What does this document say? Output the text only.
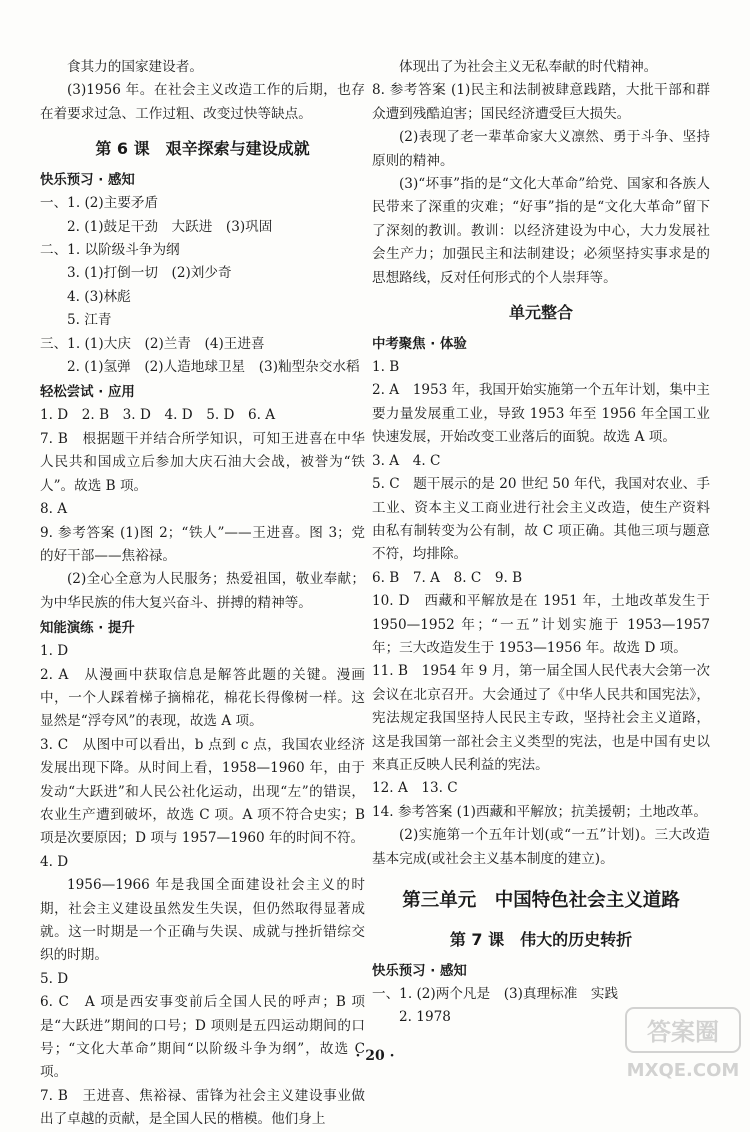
食其力的国家建设者。
(3)1956 年。在社会主义改造工作的后期，也存在着要求过急、工作过粗、改变过快等缺点。
第 6 课　艰辛探索与建设成就
快乐预习 · 感知
一、1. (2)主要矛盾
2. (1)鼓足干劲　大跃进　(3)巩固
二、1. 以阶级斗争为纲
3. (1)打倒一切　(2)刘少奇
4. (3)林彪
5. 江青
三、1. (1)大庆　(2)兰青　(4)王进喜
2. (1)氢弹　(2)人造地球卫星　(3)籼型杂交水稻
轻松尝试 · 应用
1. D　2. B　3. D　4. D　5. D　6. A
7. B　根据题干并结合所学知识，可知王进喜在中华人民共和国成立后参加大庆石油大会战，被誉为“铁人”。故选 B 项。
8. A
9. 参考答案 (1)图 2；“铁人”——王进喜。图 3；党的好干部——焦裕禄。
(2)全心全意为人民服务；热爱祖国，敬业奉献；为中华民族的伟大复兴奋斗、拼搏的精神等。
知能演练 · 提升
1. D
2. A　从漫画中获取信息是解答此题的关键。漫画中，一个人踩着梯子摘棉花，棉花长得像树一样。这显然是“浮夸风”的表现，故选 A 项。
3. C　从图中可以看出，b 点到 c 点，我国农业经济发展出现下降。从时间上看，1958—1960 年，由于发动“大跃进”和人民公社化运动，出现“左”的错误，农业生产遭到破坏，故选 C 项。A 项不符合史实；B 项是次要原因；D 项与 1957—1960 年的时间不符。
4. D
1956—1966 年是我国全面建设社会主义的时期，社会主义建设虽然发生失误，但仍然取得显著成就。这一时期是一个正确与失误、成就与挫折错综交织的时期。
5. D
6. C　A 项是西安事变前后全国人民的呼声；B 项是“大跃进”期间的口号；D 项则是五四运动期间的口号；“文化大革命”期间“以阶级斗争为纲”，故选 C 项。
7. B　王进喜、焦裕禄、雷锋为社会主义建设事业做出了卓越的贡献，是全国人民的楷模。他们身上
体现出了为社会主义无私奉献的时代精神。
8. 参考答案 (1)民主和法制被肆意践踏，大批干部和群众遭到残酷迫害；国民经济遭受巨大损失。
(2)表现了老一辈革命家大义凛然、勇于斗争、坚持原则的精神。
(3)“坏事”指的是“文化大革命”给党、国家和各族人民带来了深重的灾难；“好事”指的是“文化大革命”留下了深刻的教训。教训：以经济建设为中心，大力发展社会生产力；加强民主和法制建设；必须坚持实事求是的思想路线，反对任何形式的个人崇拜等。
单元整合
中考聚焦 · 体验
1. B
2. A　1953 年，我国开始实施第一个五年计划，集中主要力量发展重工业，导致 1953 年至 1956 年全国工业快速发展，开始改变工业落后的面貌。故选 A 项。
3. A　4. C
5. C　题干展示的是 20 世纪 50 年代，我国对农业、手工业、资本主义工商业进行社会主义改造，使生产资料由私有制转变为公有制，故 C 项正确。其他三项与题意不符，均排除。
6. B　7. A　8. C　9. B
10. D　西藏和平解放是在 1951 年，土地改革发生于 1950—1952 年；“一五”计划实施于 1953—1957 年；三大改造发生于 1953—1956 年。故选 D 项。
11. B　1954 年 9 月，第一届全国人民代表大会第一次会议在北京召开。大会通过了《中华人民共和国宪法》，宪法规定我国坚持人民民主专政，坚持社会主义道路，这是我国第一部社会主义类型的宪法，也是中国有史以来真正反映人民利益的宪法。
12. A　13. C
14. 参考答案 (1)西藏和平解放；抗美援朝；土地改革。
(2)实施第一个五年计划(或“一五”计划)。三大改造基本完成(或社会主义基本制度的建立)。
第三单元　中国特色社会主义道路
第 7 课　伟大的历史转折
快乐预习 · 感知
一、1. (2)两个凡是　(3)真理标准　实践
2. 1978
· 20 ·
答案圈
MXQE.COM
